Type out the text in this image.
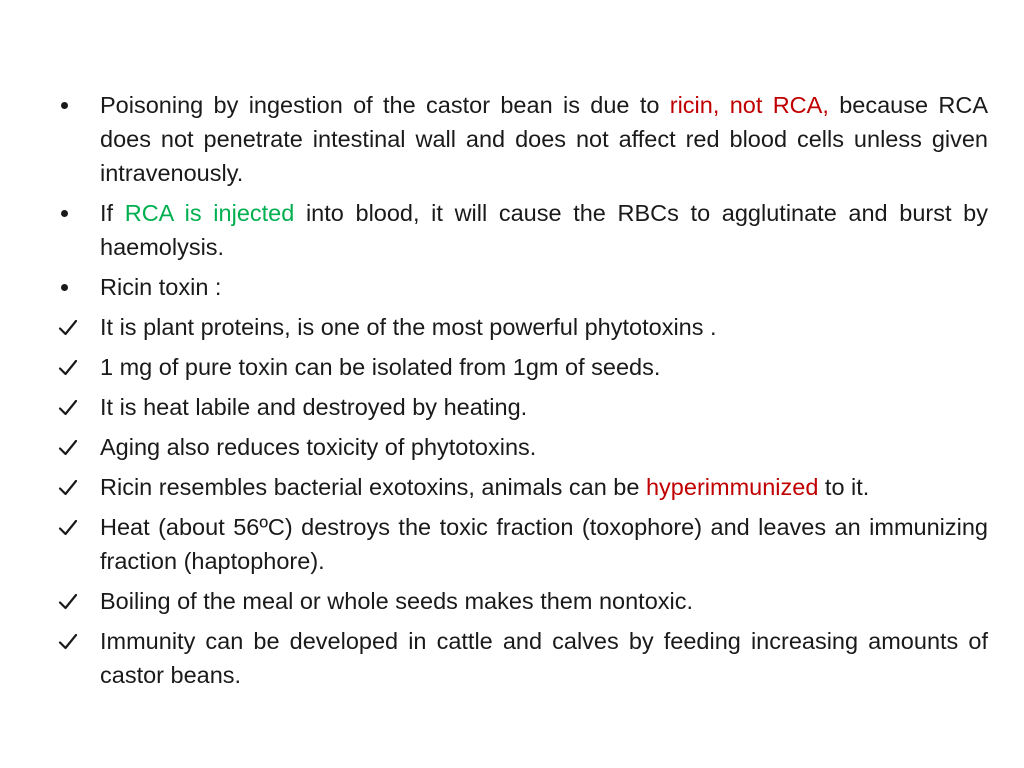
Poisoning by ingestion of the castor bean is due to ricin, not RCA, because RCA does not penetrate intestinal wall and does not affect red blood cells unless given intravenously.
If RCA is injected into blood, it will cause the RBCs to agglutinate and burst by haemolysis.
Ricin toxin :
It is plant proteins, is one of the most powerful phytotoxins .
1 mg of pure toxin can be isolated from 1gm of seeds.
It is heat labile and destroyed by heating.
Aging also reduces toxicity of phytotoxins.
Ricin resembles bacterial exotoxins, animals can be hyperimmunized to it.
Heat (about 56ºC) destroys the toxic fraction (toxophore) and leaves an immunizing fraction (haptophore).
Boiling of the meal or whole seeds makes them nontoxic.
Immunity can be developed in cattle and calves by feeding increasing amounts of castor beans.
